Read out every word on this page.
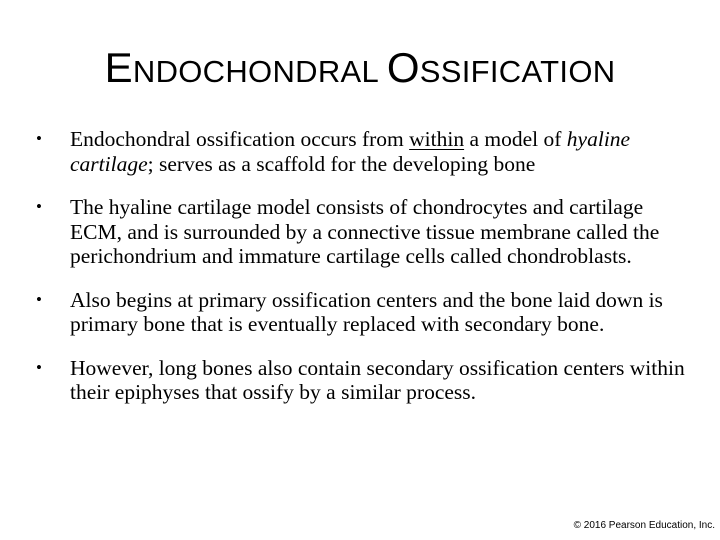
ENDOCHONDRAL OSSIFICATION
• Endochondral ossification occurs from within a model of hyaline cartilage; serves as a scaffold for the developing bone
• The hyaline cartilage model consists of chondrocytes and cartilage ECM, and is surrounded by a connective tissue membrane called the perichondrium and immature cartilage cells called chondroblasts.
• Also begins at primary ossification centers and the bone laid down is primary bone that is eventually replaced with secondary bone.
• However, long bones also contain secondary ossification centers within their epiphyses that ossify by a similar process.
© 2016 Pearson Education, Inc.
